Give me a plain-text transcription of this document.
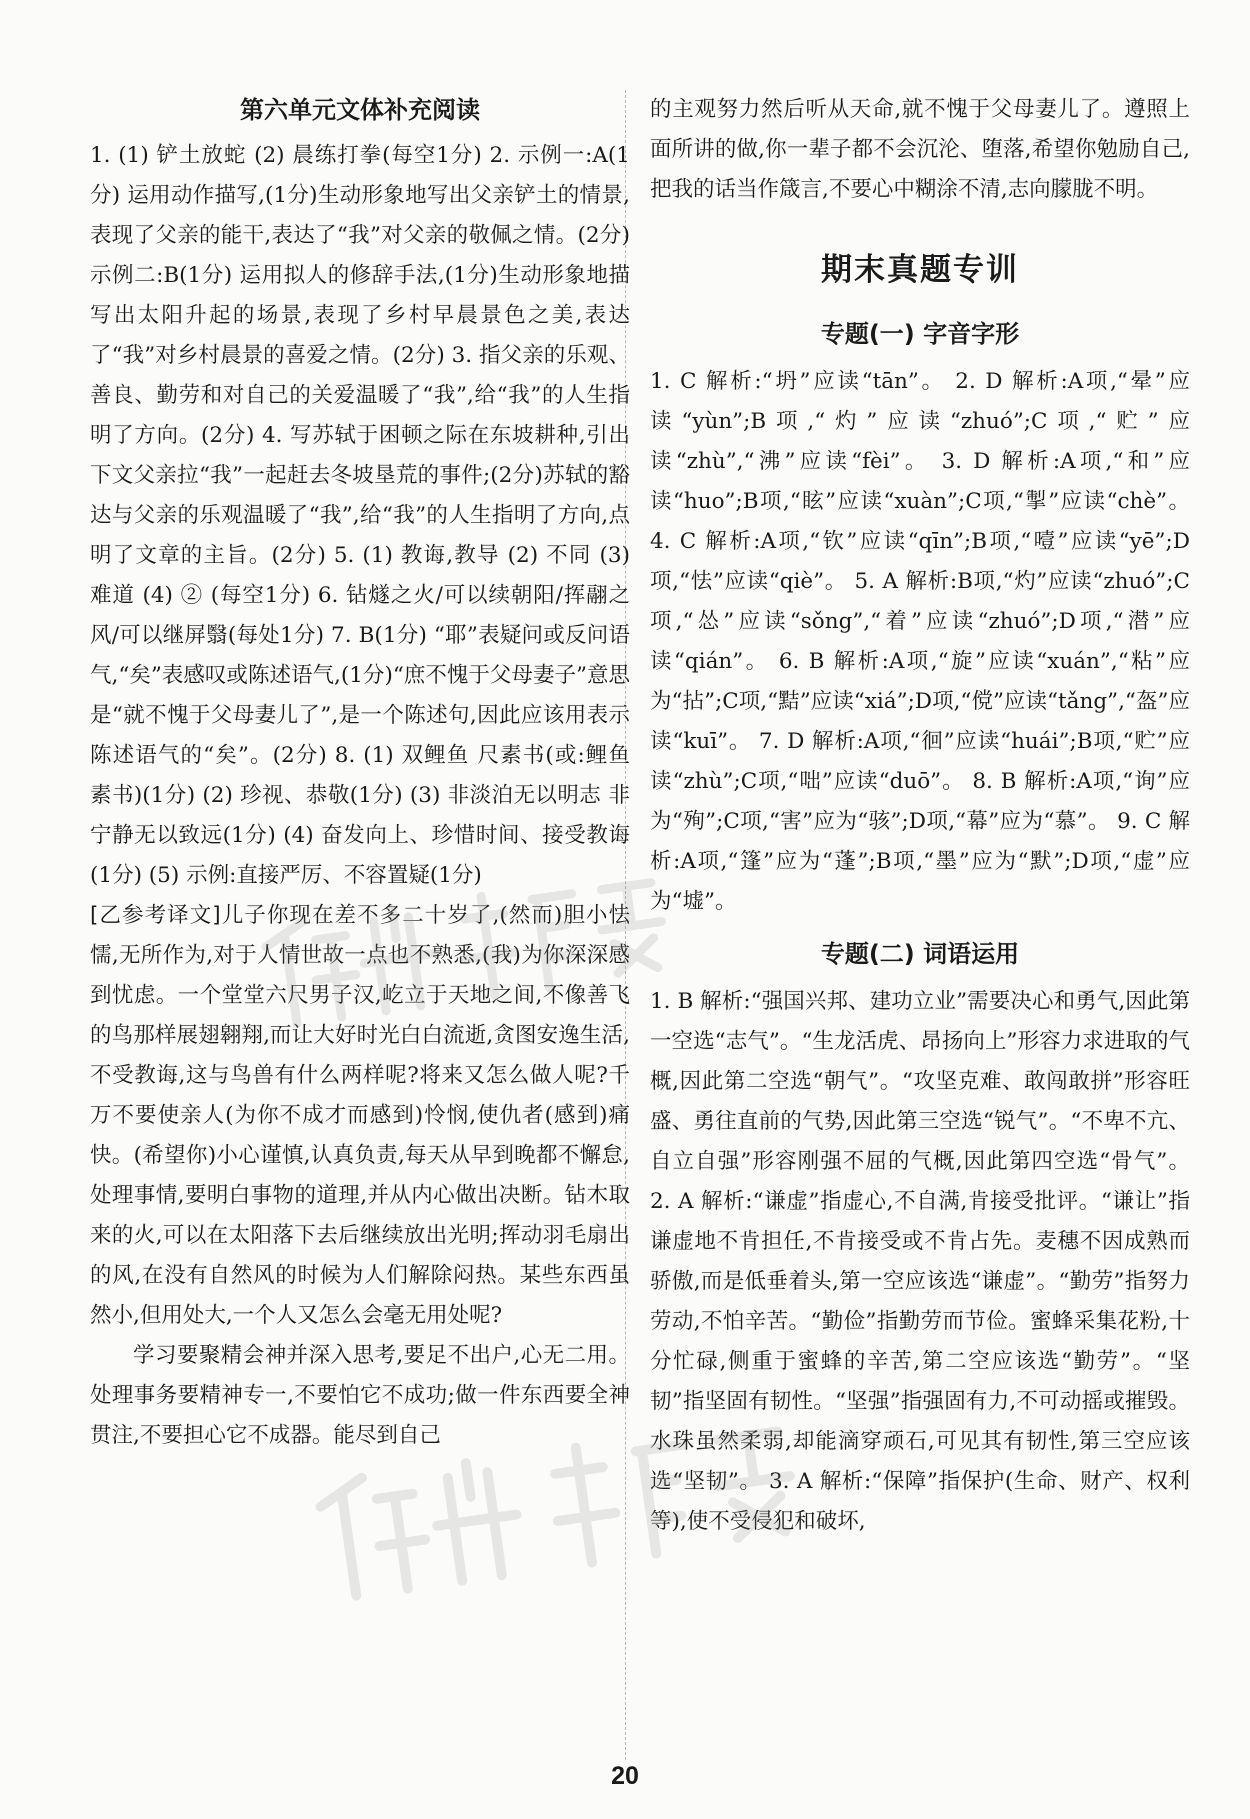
第六单元文体补充阅读

1. (1) 铲土放蛇 (2) 晨练打拳(每空1分) 2. 示例一:A(1分) 运用动作描写,(1分)生动形象地写出父亲铲土的情景,表现了父亲的能干,表达了“我”对父亲的敬佩之情。(2分) 示例二:B(1分) 运用拟人的修辞手法,(1分)生动形象地描写出太阳升起的场景,表现了乡村早晨景色之美,表达了“我”对乡村晨景的喜爱之情。(2分) 3. 指父亲的乐观、善良、勤劳和对自己的关爱温暖了“我”,给“我”的人生指明了方向。(2分) 4. 写苏轼于困顿之际在东坡耕种,引出下文父亲拉“我”一起赶去冬坡垦荒的事件;(2分)苏轼的豁达与父亲的乐观温暖了“我”,给“我”的人生指明了方向,点明了文章的主旨。(2分) 5. (1) 教诲,教导 (2) 不同 (3) 难道 (4) ② (每空1分) 6. 钻燧之火/可以续朝阳/挥翮之风/可以继屏翳(每处1分) 7. B(1分) “耶”表疑问或反问语气,“矣”表感叹或陈述语气,(1分)“庶不愧于父母妻子”意思是“就不愧于父母妻儿了”,是一个陈述句,因此应该用表示陈述语气的“矣”。(2分) 8. (1) 双鲤鱼 尺素书(或:鲤鱼 素书)(1分) (2) 珍视、恭敬(1分) (3) 非淡泊无以明志 非宁静无以致远(1分) (4) 奋发向上、珍惜时间、接受教诲(1分) (5) 示例:直接严厉、不容置疑(1分)

[乙参考译文]儿子你现在差不多二十岁了,(然而)胆小怯懦,无所作为,对于人情世故一点也不熟悉,(我)为你深深感到忧虑。一个堂堂六尺男子汉,屹立于天地之间,不像善飞的鸟那样展翅翱翔,而让大好时光白白流逝,贪图安逸生活,不受教诲,这与鸟兽有什么两样呢?将来又怎么做人呢?千万不要使亲人(为你不成才而感到)怜悯,使仇者(感到)痛快。(希望你)小心谨慎,认真负责,每天从早到晚都不懈怠,处理事情,要明白事物的道理,并从内心做出决断。钻木取来的火,可以在太阳落下去后继续放出光明;挥动羽毛扇出的风,在没有自然风的时候为人们解除闷热。某些东西虽然小,但用处大,一个人又怎么会毫无用处呢?

学习要聚精会神并深入思考,要足不出户,心无二用。处理事务要精神专一,不要怕它不成功;做一件东西要全神贯注,不要担心它不成器。能尽到自己

的主观努力然后听从天命,就不愧于父母妻儿了。遵照上面所讲的做,你一辈子都不会沉沦、堕落,希望你勉励自己,把我的话当作箴言,不要心中糊涂不清,志向朦胧不明。

期末真题专训
专题(一) 字音字形

1. C 解析:“坍”应读“tān”。 2. D 解析:A项,“晕”应读“yùn”;B项,“灼”应读“zhuó”;C项,“贮”应读“zhù”,“沸”应读“fèi”。 3. D 解析:A项,“和”应读“huo”;B项,“眩”应读“xuàn”;C项,“掣”应读“chè”。 4. C 解析:A项,“钦”应读“qīn”;B项,“噎”应读“yē”;D项,“怯”应读“qiè”。 5. A 解析:B项,“灼”应读“zhuó”;C项,“怂”应读“sǒng”,“着”应读“zhuó”;D项,“潜”应读“qián”。 6. B 解析:A项,“旋”应读“xuán”,“粘”应为“拈”;C项,“黠”应读“xiá”;D项,“傥”应读“tǎng”,“盔”应读“kuī”。 7. D 解析:A项,“徊”应读“huái”;B项,“贮”应读“zhù”;C项,“咄”应读“duō”。 8. B 解析:A项,“询”应为“殉”;C项,“害”应为“骇”;D项,“幕”应为“慕”。 9. C 解析:A项,“篷”应为“蓬”;B项,“墨”应为“默”;D项,“虚”应为“墟”。

专题(二) 词语运用

1. B 解析:“强国兴邦、建功立业”需要决心和勇气,因此第一空选“志气”。“生龙活虎、昂扬向上”形容力求进取的气概,因此第二空选“朝气”。“攻坚克难、敢闯敢拼”形容旺盛、勇往直前的气势,因此第三空选“锐气”。“不卑不亢、自立自强”形容刚强不屈的气概,因此第四空选“骨气”。 2. A 解析:“谦虚”指虚心,不自满,肯接受批评。“谦让”指谦虚地不肯担任,不肯接受或不肯占先。麦穗不因成熟而骄傲,而是低垂着头,第一空应该选“谦虚”。“勤劳”指努力劳动,不怕辛苦。“勤俭”指勤劳而节俭。蜜蜂采集花粉,十分忙碌,侧重于蜜蜂的辛苦,第二空应该选“勤劳”。“坚韧”指坚固有韧性。“坚强”指强固有力,不可动摇或摧毁。水珠虽然柔弱,却能滴穿顽石,可见其有韧性,第三空应该选“坚韧”。 3. A 解析:“保障”指保护(生命、财产、权利等),使不受侵犯和破坏,

20
